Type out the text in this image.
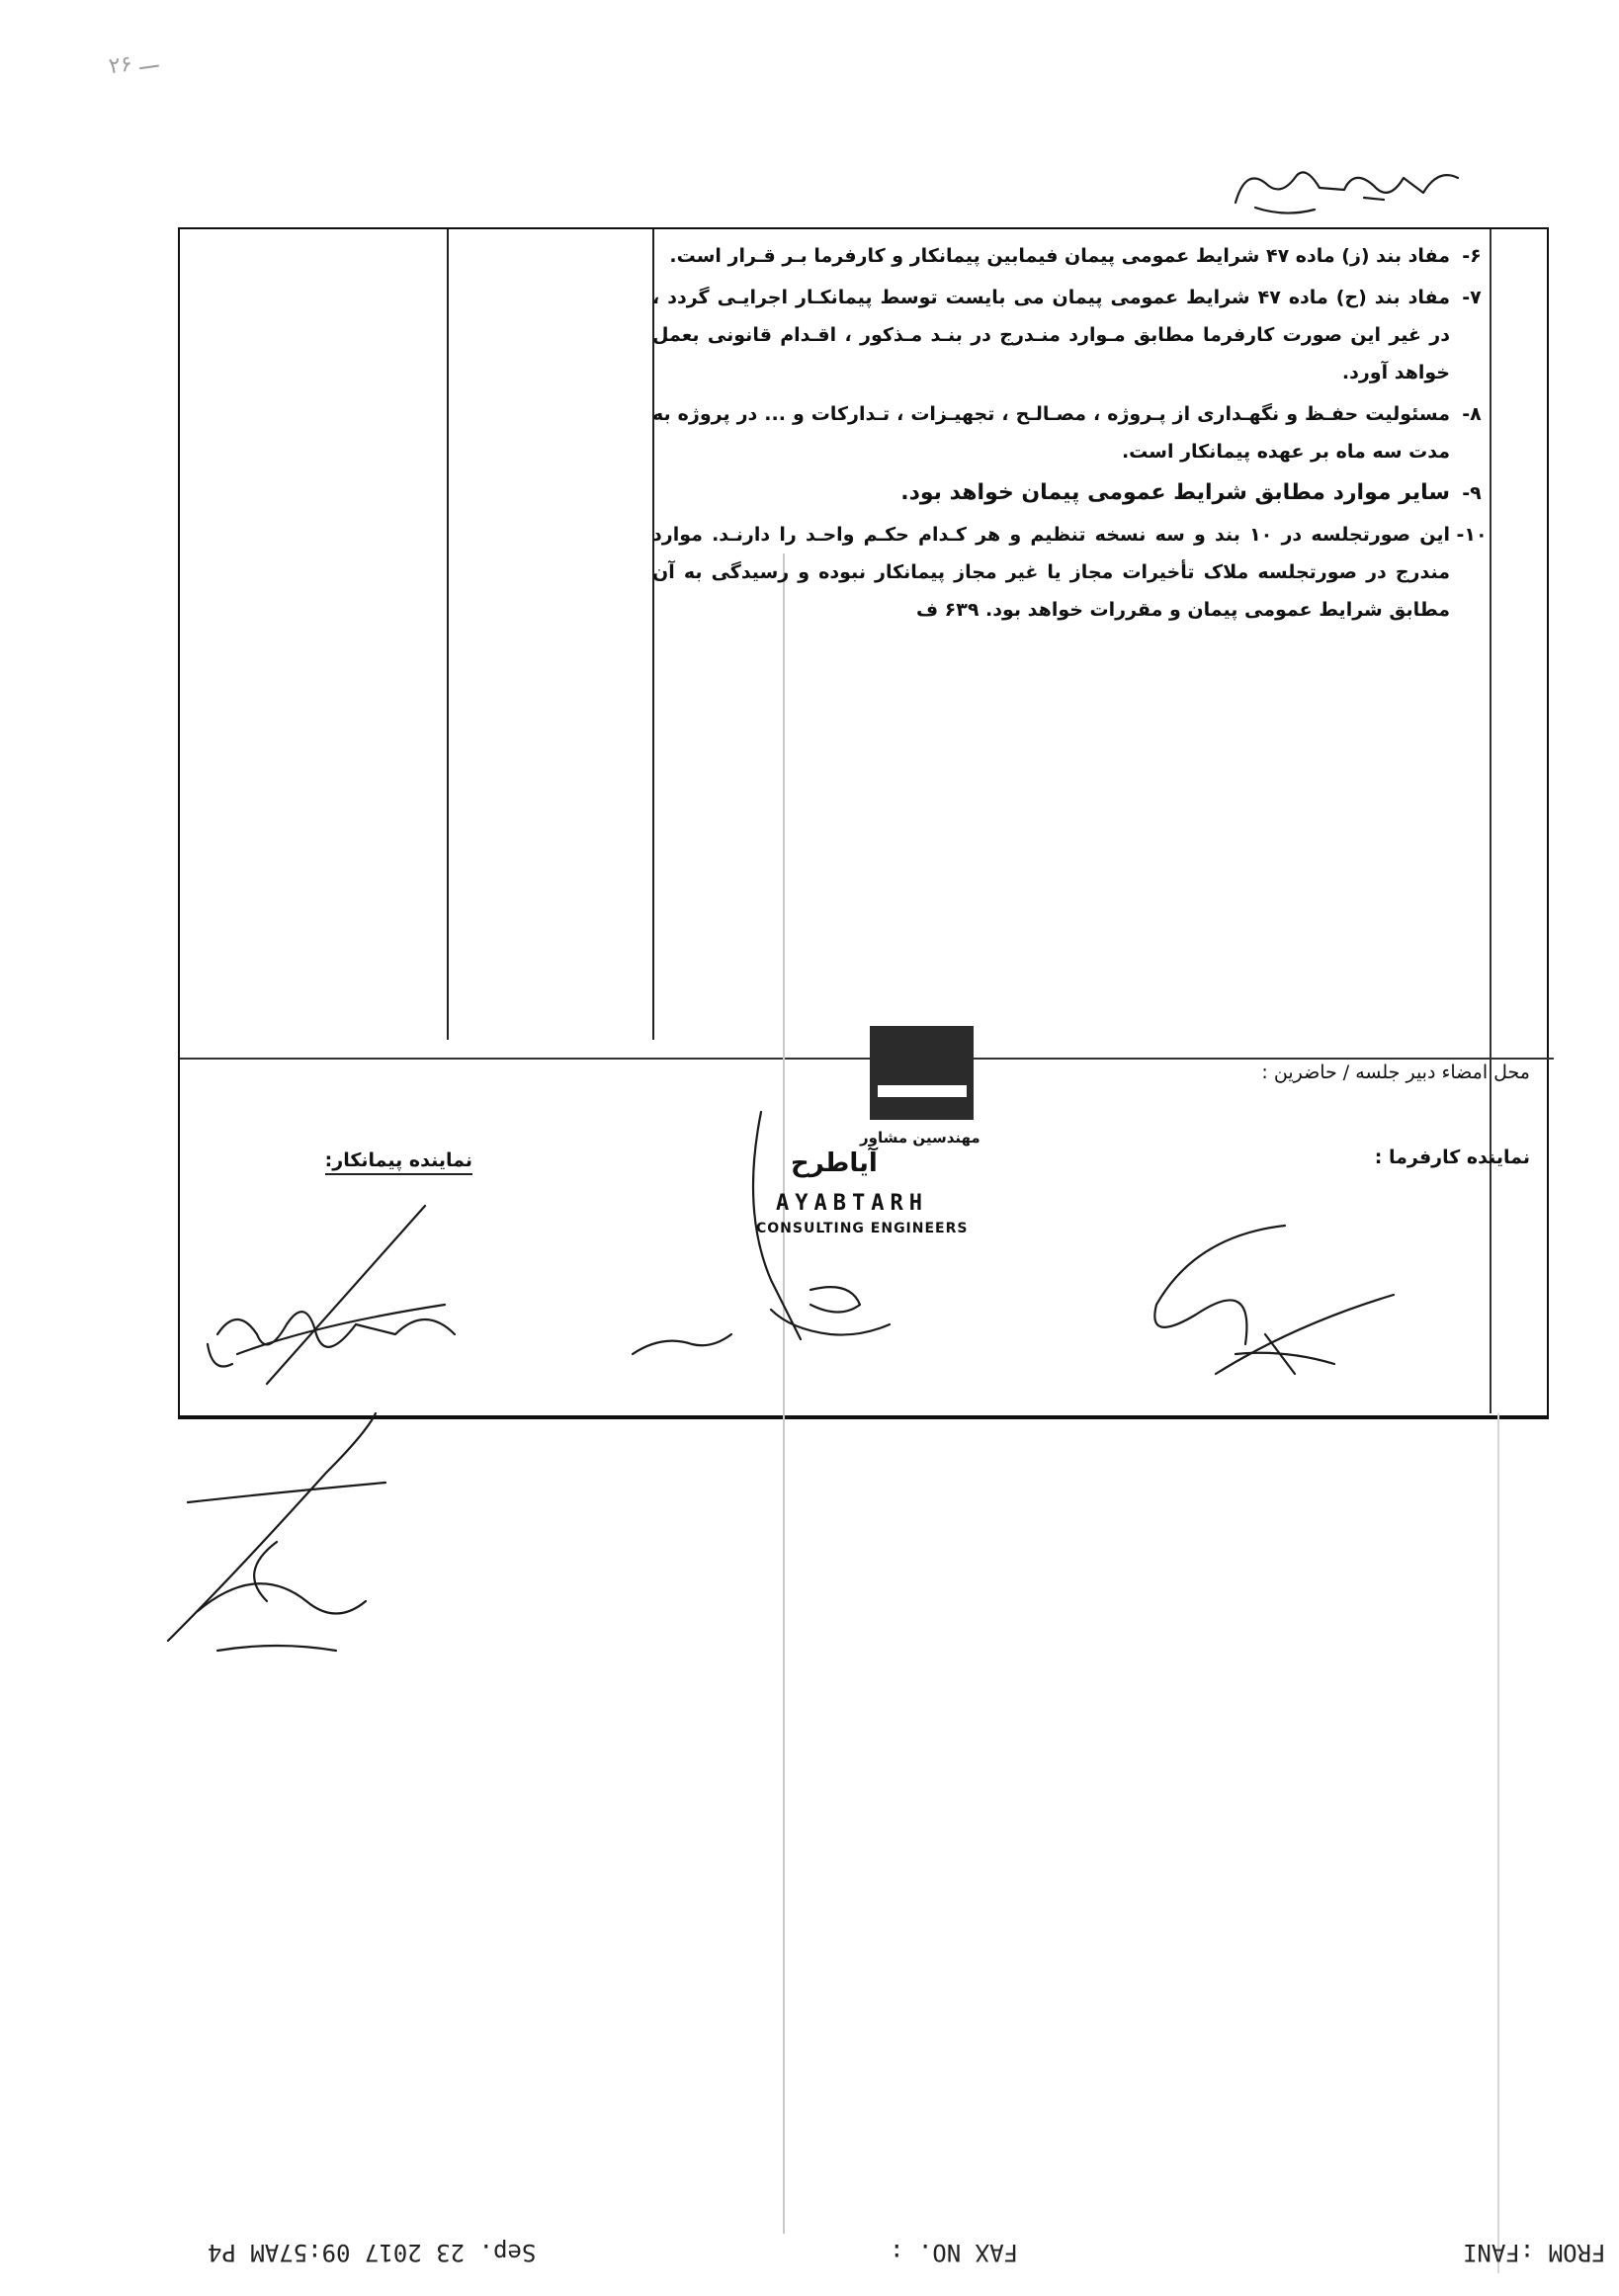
ـــ ۲۶
۶-
مفاد بند (ز) ماده ۴۷ شرایط عمومی پیمان فیمابین پیمانکار و کارفرما بـر قـرار است.
۷-
مفاد بند (ح) ماده ۴۷ شرایط عمومی پیمان می بایست توسط پیمانکـار اجرایـی گردد ، در غیر این صورت کارفرما مطابق مـوارد منـدرج در بنـد مـذکور ، اقـدام قانونی بعمل خواهد آورد.
۸-
مسئولیت حفـظ و نگهـداری از پـروژه ، مصـالـح ، تجهیـزات ، تـدارکات و ... در پروژه به مدت سه ماه بر عهده پیمانکار است.
۹-
سایر موارد مطابق شرایط عمومی پیمان خواهد بود.
۱۰-
این صورتجلسه در ۱۰ بند و سه نسخه تنظیم و هر کـدام حکـم واحـد را دارنـد. موارد مندرج در صورتجلسه ملاک تأخیرات مجاز یا غیر مجاز پیمانکار نبوده و رسیدگی به آن مطابق شرایط عمومی پیمان و مقررات خواهد بود. ۶۳۹ ف
محل امضاء دبیر جلسه / حاضرین :
نماینده کارفرما :
نماینده پیمانکار:
مهندسین مشاور
آیاطرح
AYABTARH
CONSULTING ENGINEERS
FROM :FANI
FAX NO. :
Sep. 23 2017 09:57AM P4
